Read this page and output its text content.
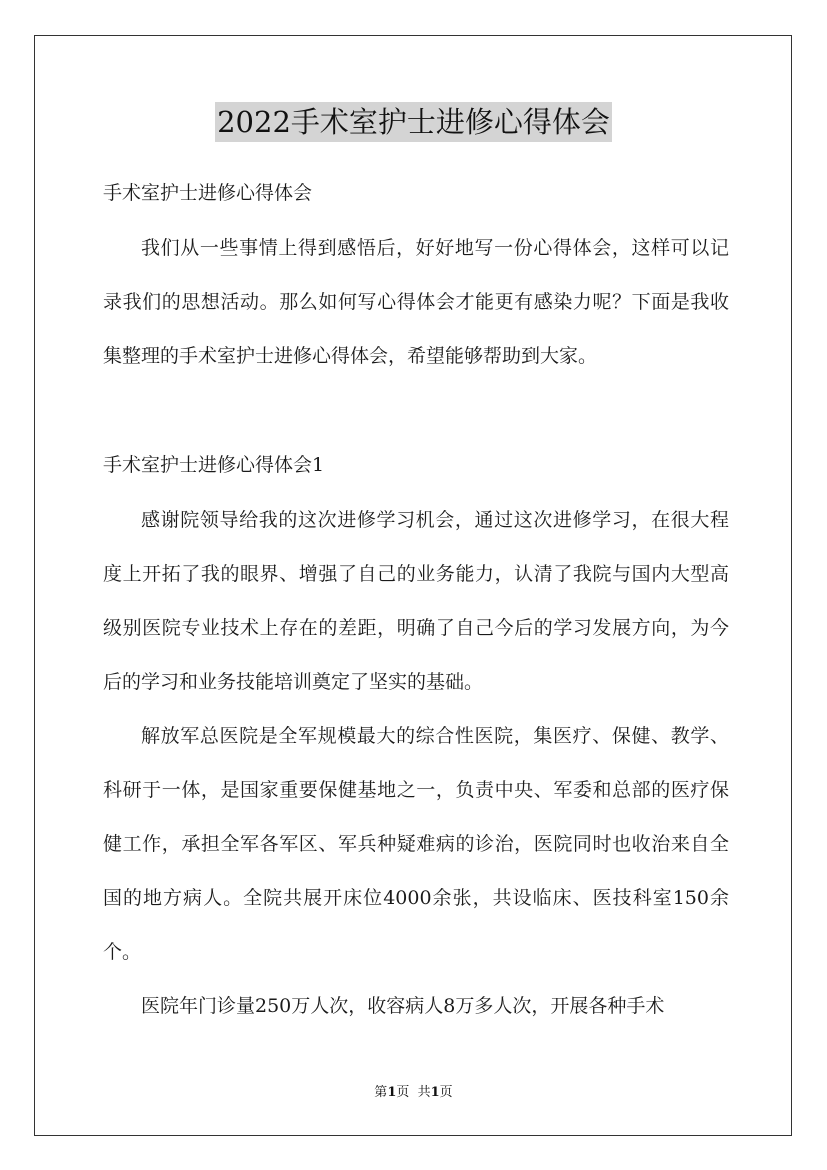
2022手术室护士进修心得体会
手术室护士进修心得体会

我们从一些事情上得到感悟后，好好地写一份心得体会，这样可以记录我们的思想活动。那么如何写心得体会才能更有感染力呢？下面是我收集整理的手术室护士进修心得体会，希望能够帮助到大家。

手术室护士进修心得体会1

感谢院领导给我的这次进修学习机会，通过这次进修学习，在很大程度上开拓了我的眼界、增强了自己的业务能力，认清了我院与国内大型高级别医院专业技术上存在的差距，明确了自己今后的学习发展方向，为今后的学习和业务技能培训奠定了坚实的基础。

解放军总医院是全军规模最大的综合性医院，集医疗、保健、教学、科研于一体，是国家重要保健基地之一，负责中央、军委和总部的医疗保健工作，承担全军各军区、军兵种疑难病的诊治，医院同时也收治来自全国的地方病人。全院共展开床位4000余张，共设临床、医技科室150余个。

医院年门诊量250万人次，收容病人8万多人次，开展各种手术

第1页  共1页
